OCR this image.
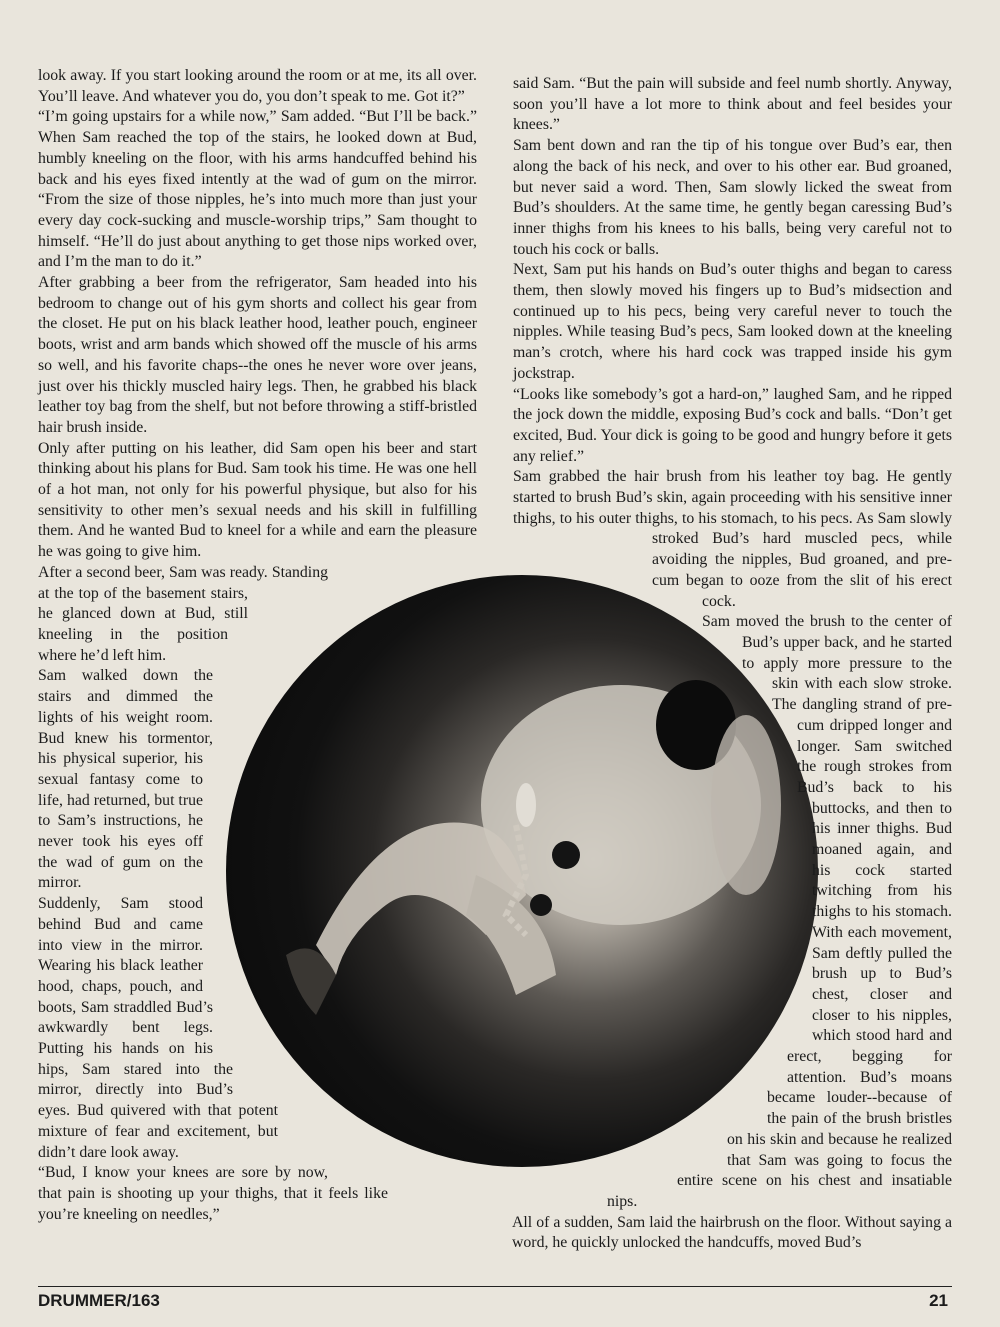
look away. If you start looking around the room or at me, its all over. You’ll leave. And whatever you do, you don’t speak to me. Got it?”

“I’m going upstairs for a while now,” Sam added. “But I’ll be back.” When Sam reached the top of the stairs, he looked down at Bud, humbly kneeling on the floor, with his arms handcuffed behind his back and his eyes fixed intently at the wad of gum on the mirror. “From the size of those nipples, he’s into much more than just your every day cock-sucking and muscle-worship trips,” Sam thought to himself. “He’ll do just about anything to get those nips worked over, and I’m the man to do it.”

After grabbing a beer from the refrigerator, Sam headed into his bedroom to change out of his gym shorts and collect his gear from the closet. He put on his black leather hood, leather pouch, engineer boots, wrist and arm bands which showed off the muscle of his arms so well, and his favorite chaps--the ones he never wore over jeans, just over his thickly muscled hairy legs. Then, he grabbed his black leather toy bag from the shelf, but not before throwing a stiff-bristled hair brush inside.

Only after putting on his leather, did Sam open his beer and start thinking about his plans for Bud. Sam took his time. He was one hell of a hot man, not only for his powerful physique, but also for his sensitivity to other men’s sexual needs and his skill in fulfilling them. And he wanted Bud to kneel for a while and earn the pleasure he was going to give him.

After a second beer, Sam was ready. Standing at the top of the basement stairs, he glanced down at Bud, still kneeling in the position where he’d left him.

Sam walked down the stairs and dimmed the lights of his weight room. Bud knew his tormentor, his physical superior, his sexual fantasy come to life, had returned, but true to Sam’s instructions, he never took his eyes off the wad of gum on the mirror.

Suddenly, Sam stood behind Bud and came into view in the mirror. Wearing his black leather hood, chaps, pouch, and boots, Sam straddled Bud’s awkwardly bent legs. Putting his hands on his hips, Sam stared into the mirror, directly into Bud’s eyes. Bud quivered with that potent mixture of fear and excitement, but didn’t dare look away.

“Bud, I know your knees are sore by now, that pain is shooting up your thighs, that it feels like you’re kneeling on needles,”

said Sam. “But the pain will subside and feel numb shortly. Anyway, soon you’ll have a lot more to think about and feel besides your knees.”

Sam bent down and ran the tip of his tongue over Bud’s ear, then along the back of his neck, and over to his other ear. Bud groaned, but never said a word. Then, Sam slowly licked the sweat from Bud’s shoulders. At the same time, he gently began caressing Bud’s inner thighs from his knees to his balls, being very careful not to touch his cock or balls.

Next, Sam put his hands on Bud’s outer thighs and began to caress them, then slowly moved his fingers up to Bud’s midsection and continued up to his pecs, being very careful never to touch the nipples. While teasing Bud’s pecs, Sam looked down at the kneeling man’s crotch, where his hard cock was trapped inside his gym jockstrap.

“Looks like somebody’s got a hard-on,” laughed Sam, and he ripped the jock down the middle, exposing Bud’s cock and balls. “Don’t get excited, Bud. Your dick is going to be good and hungry before it gets any relief.”

Sam grabbed the hair brush from his leather toy bag. He gently started to brush Bud’s skin, again proceeding with his sensitive inner thighs, to his outer thighs, to his stomach, to his pecs. As Sam slowly stroked Bud’s hard muscled pecs, while avoiding the nipples, Bud groaned, and pre-cum began to ooze from the slit of his erect cock.

Sam moved the brush to the center of Bud’s upper back, and he started to apply more pressure to the skin with each slow stroke. The dangling strand of pre-cum dripped longer and longer. Sam switched the rough strokes from Bud’s back to his buttocks, and then to his inner thighs. Bud moaned again, and his cock started twitching from his thighs to his stomach. With each movement, Sam deftly pulled the brush up to Bud’s chest, closer and closer to his nipples, which stood hard and erect, begging for attention. Bud’s moans became louder--because of the pain of the brush bristles on his skin and because he realized that Sam was going to focus the entire scene on his chest and insatiable nips.

All of a sudden, Sam laid the hairbrush on the floor. Without saying a word, he quickly unlocked the handcuffs, moved Bud’s

DRUMMER/163	21
